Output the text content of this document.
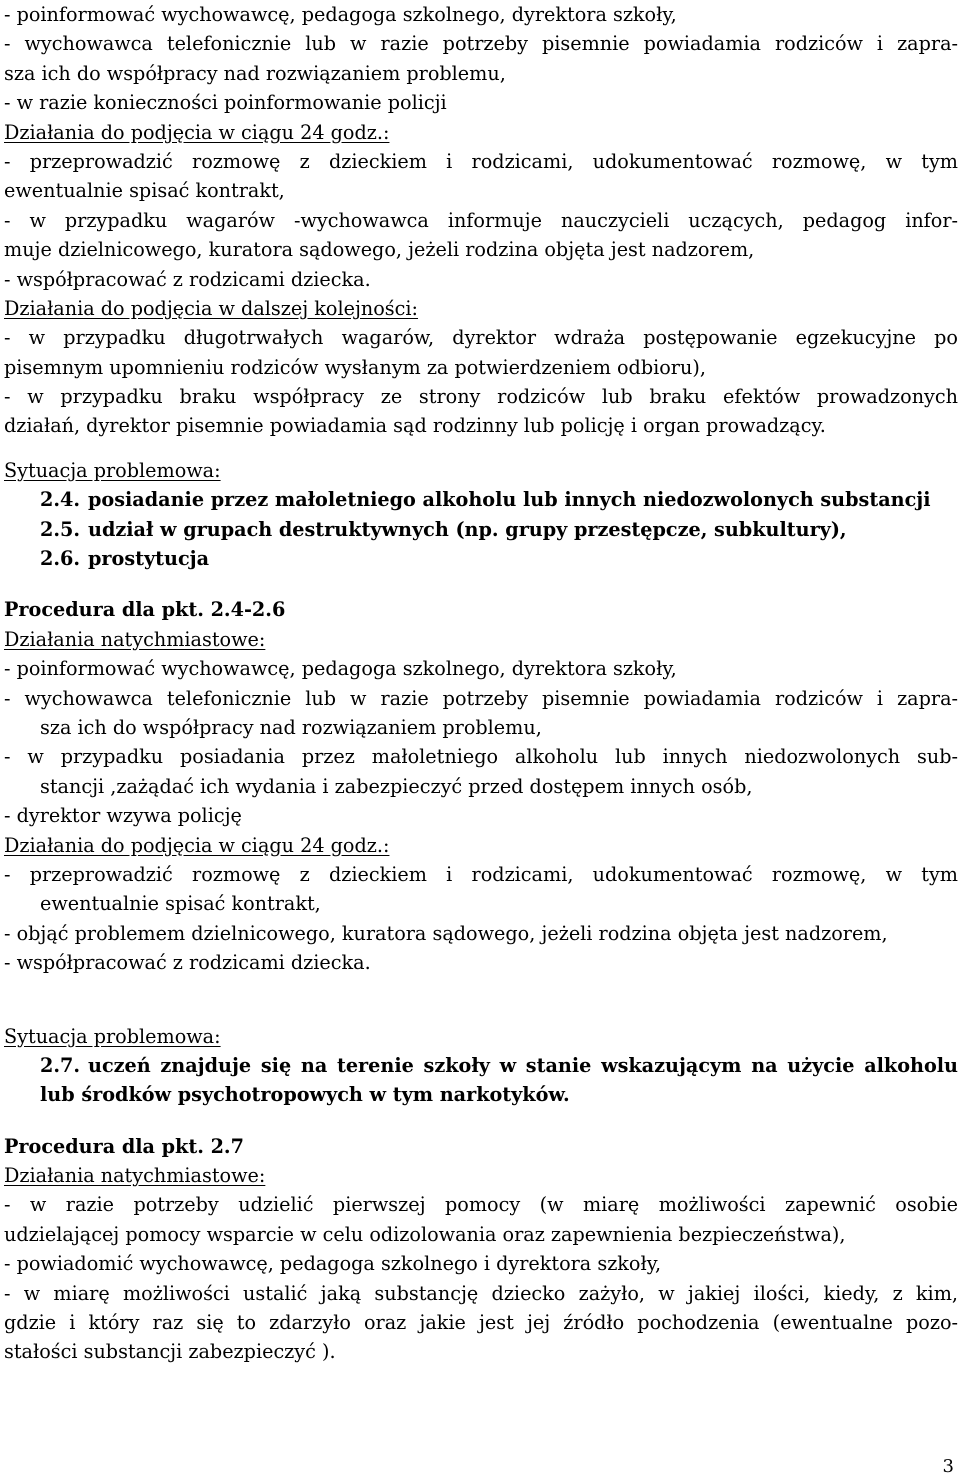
- poinformować wychowawcę, pedagoga szkolnego, dyrektora szkoły,
- wychowawca telefonicznie lub w razie potrzeby pisemnie powiadamia rodziców i zapra-
sza ich do współpracy nad rozwiązaniem problemu,
- w razie konieczności poinformowanie policji
Działania do podjęcia w ciągu 24 godz.:
- przeprowadzić rozmowę z dzieckiem i rodzicami, udokumentować rozmowę, w tym
ewentualnie spisać kontrakt,
- w przypadku wagarów -wychowawca informuje nauczycieli uczących, pedagog infor-
muje dzielnicowego, kuratora sądowego, jeżeli rodzina objęta jest nadzorem,
- współpracować z rodzicami dziecka.
Działania do podjęcia w dalszej kolejności:
- w przypadku długotrwałych wagarów, dyrektor wdraża postępowanie egzekucyjne po
pisemnym upomnieniu rodziców wysłanym za potwierdzeniem odbioru),
- w przypadku braku współpracy ze strony rodziców lub braku efektów prowadzonych
działań, dyrektor pisemnie powiadamia sąd rodzinny lub policję i organ prowadzący.
Sytuacja problemowa:
2.4. posiadanie przez małoletniego alkoholu lub innych niedozwolonych substancji
2.5. udział w grupach destruktywnych (np. grupy przestępcze, subkultury),
2.6. prostytucja
Procedura dla pkt. 2.4-2.6
Działania natychmiastowe:
- poinformować wychowawcę, pedagoga szkolnego, dyrektora szkoły,
- wychowawca telefonicznie lub w razie potrzeby pisemnie powiadamia rodziców i zapra-
sza ich do współpracy nad rozwiązaniem problemu,
- w przypadku posiadania przez małoletniego alkoholu lub innych niedozwolonych sub-
stancji ,zażądać ich wydania i zabezpieczyć przed dostępem innych osób,
- dyrektor wzywa policję
Działania do podjęcia w ciągu 24 godz.:
- przeprowadzić rozmowę z dzieckiem i rodzicami, udokumentować rozmowę, w tym
ewentualnie spisać kontrakt,
- objąć problemem dzielnicowego, kuratora sądowego, jeżeli rodzina objęta jest nadzorem,
- współpracować z rodzicami dziecka.
Sytuacja problemowa:
2.7. uczeń znajduje się na terenie szkoły w stanie wskazującym na użycie alkoholu
lub środków psychotropowych w tym narkotyków.
Procedura dla pkt. 2.7
Działania natychmiastowe:
- w razie potrzeby udzielić pierwszej pomocy (w miarę możliwości zapewnić osobie
udzielającej pomocy wsparcie w celu odizolowania oraz zapewnienia bezpieczeństwa),
- powiadomić wychowawcę, pedagoga szkolnego i dyrektora szkoły,
- w miarę możliwości ustalić jaką substancję dziecko zażyło, w jakiej ilości, kiedy, z kim,
gdzie i który raz się to zdarzyło oraz jakie jest jej źródło pochodzenia (ewentualne pozo-
stałości substancji zabezpieczyć ).
3
